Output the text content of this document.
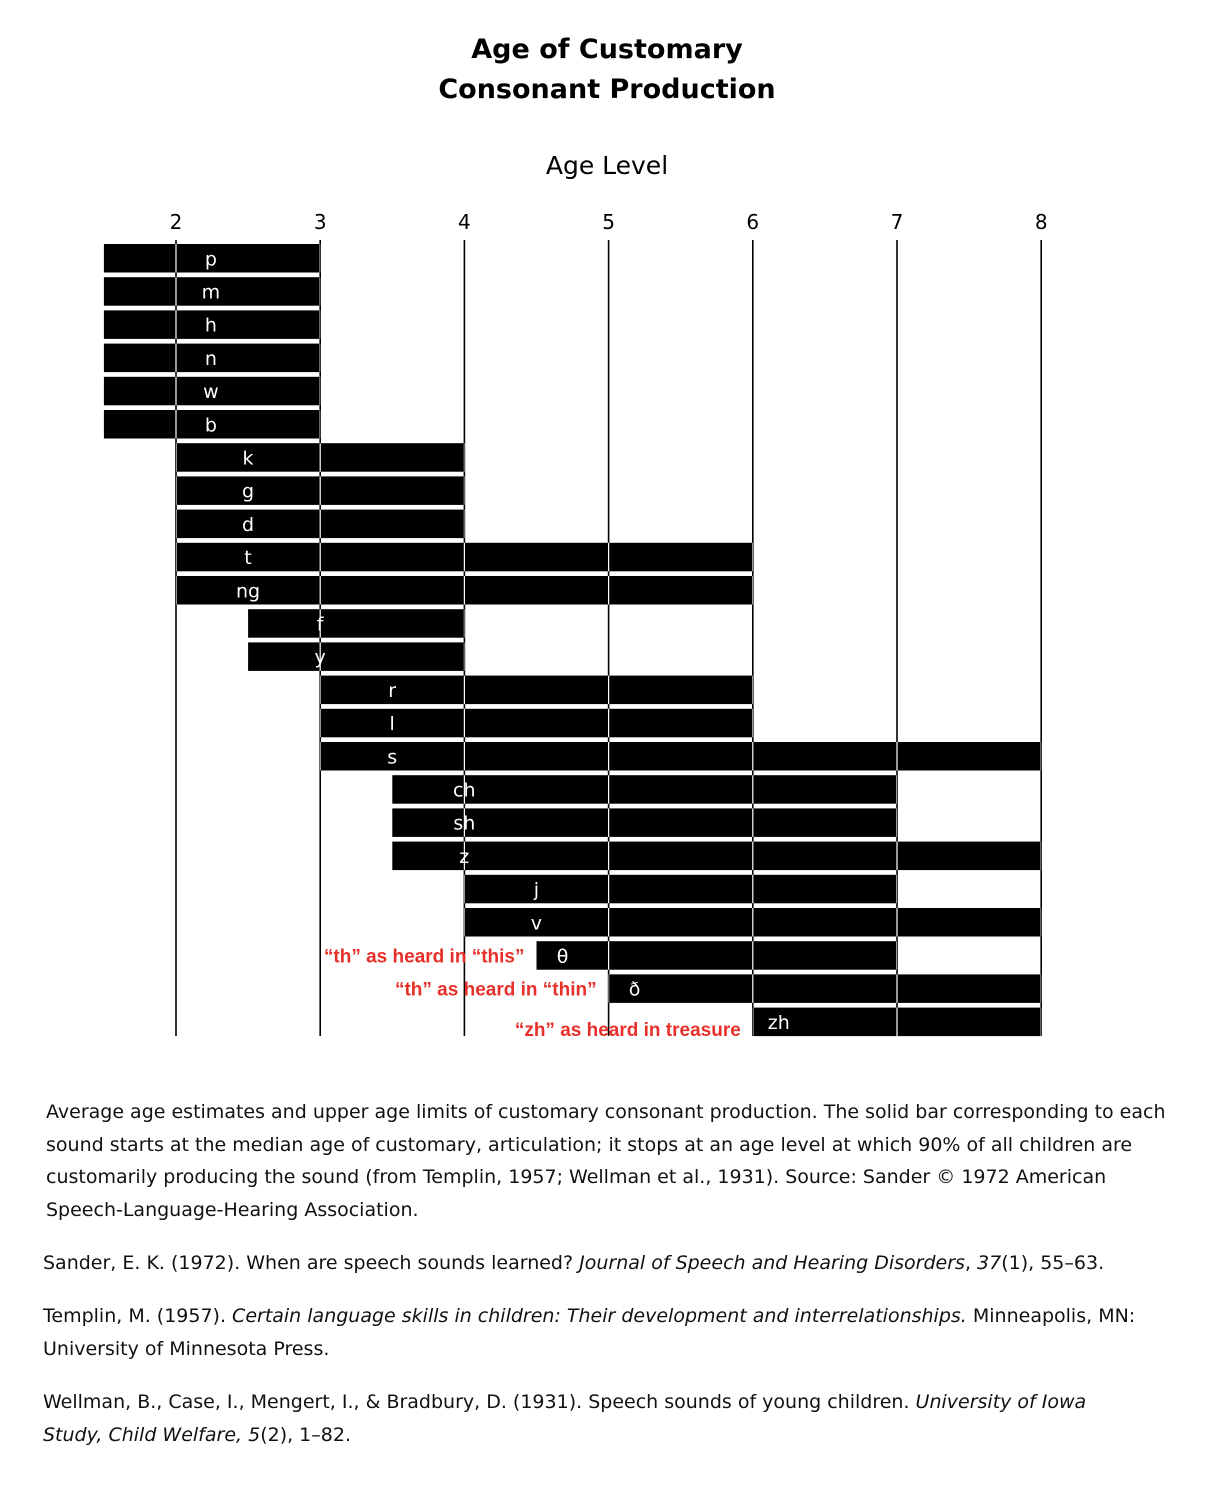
Age of Customary
Consonant Production
Age Level
p
m
h
n
w
b
k
g
d
t
ng
f
y
r
l
s
ch
sh
z
j
v
θ
ð
zh
2	3	4	5	6	7	8
“th” as heard in “this”
“th” as heard in “thin”
“zh” as heard in treasure
Average age estimates and upper age limits of customary consonant production. The solid bar corresponding to each sound starts at the median age of customary, articulation; it stops at an age level at which 90% of all children are customarily producing the sound (from Templin, 1957; Wellman et al., 1931). Source: Sander © 1972 American Speech-Language-Hearing Association.
Sander, E. K. (1972). When are speech sounds learned? Journal of Speech and Hearing Disorders, 37(1), 55–63.
Templin, M. (1957). Certain language skills in children: Their development and interrelationships. Minneapolis, MN: University of Minnesota Press.
Wellman, B., Case, I., Mengert, I., & Bradbury, D. (1931). Speech sounds of young children. University of Iowa Study, Child Welfare, 5(2), 1–82.
